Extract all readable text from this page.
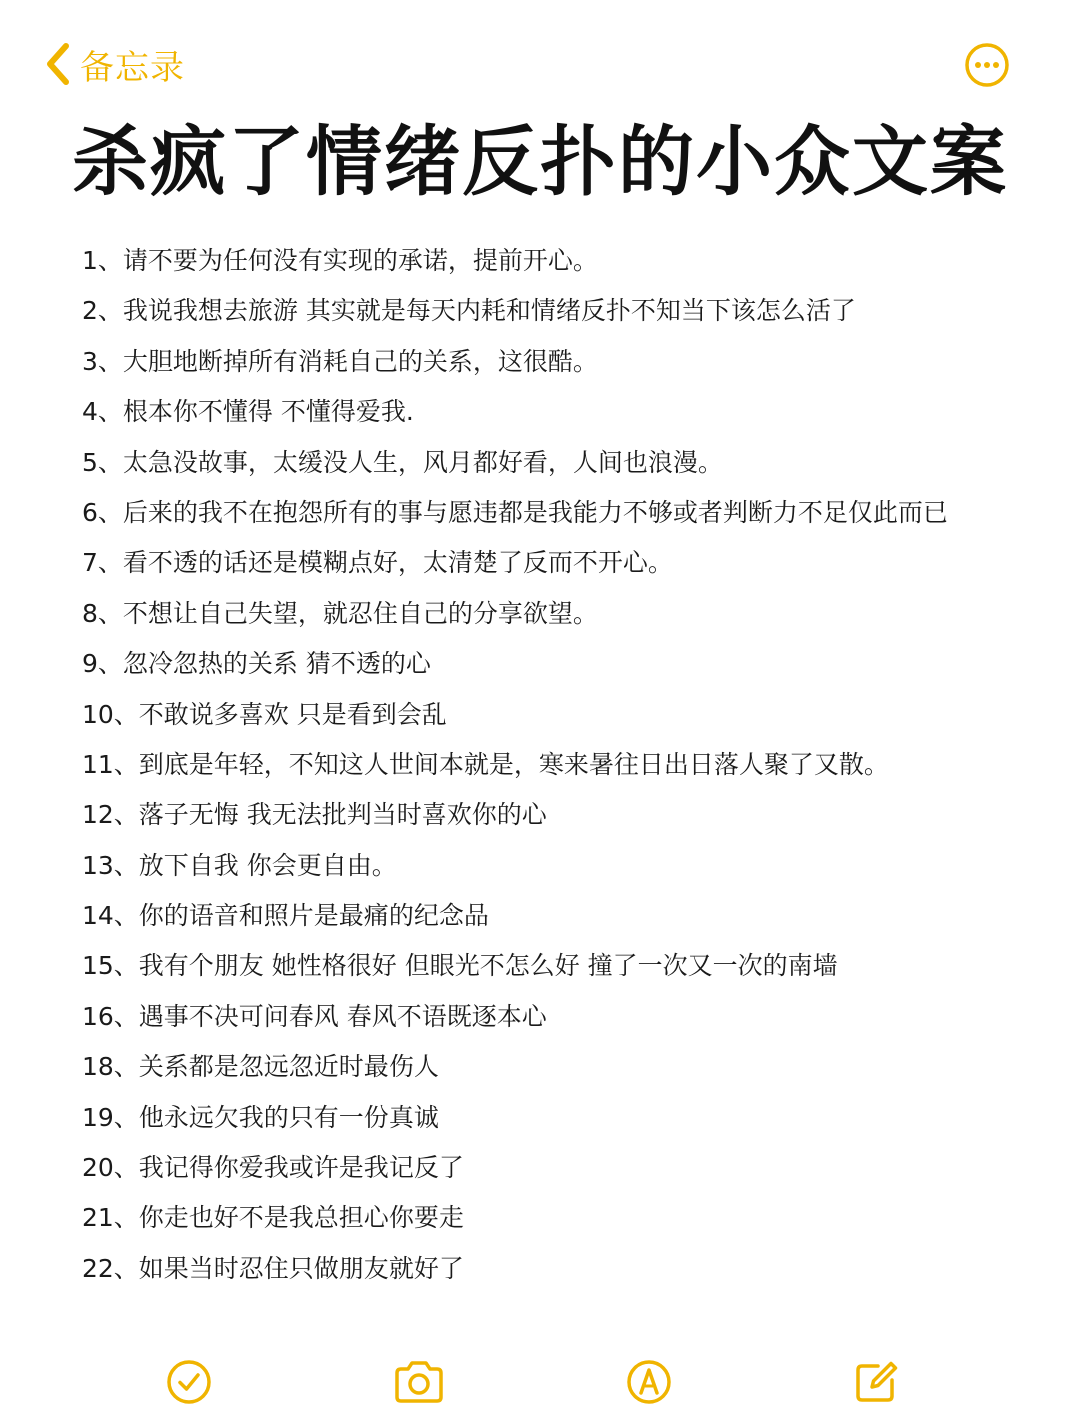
备忘录
杀疯了情绪反扑的小众文案
1、请不要为任何没有实现的承诺，提前开心。
2、我说我想去旅游 其实就是每天内耗和情绪反扑不知当下该怎么活了
3、大胆地断掉所有消耗自己的关系，这很酷。
4、根本你不懂得 不懂得爱我.
5、太急没故事，太缓没人生，风月都好看，人间也浪漫。
6、后来的我不在抱怨所有的事与愿违都是我能力不够或者判断力不足仅此而已
7、看不透的话还是模糊点好，太清楚了反而不开心。
8、不想让自己失望，就忍住自己的分享欲望。
9、忽冷忽热的关系 猜不透的心
10、不敢说多喜欢 只是看到会乱
11、到底是年轻，不知这人世间本就是，寒来暑往日出日落人聚了又散。
12、落子无悔 我无法批判当时喜欢你的心
13、放下自我 你会更自由。
14、你的语音和照片是最痛的纪念品
15、我有个朋友 她性格很好 但眼光不怎么好 撞了一次又一次的南墙
16、遇事不决可问春风 春风不语既逐本心
18、关系都是忽远忽近时最伤人
19、他永远欠我的只有一份真诚
20、我记得你爱我或许是我记反了
21、你走也好不是我总担心你要走
22、如果当时忍住只做朋友就好了
